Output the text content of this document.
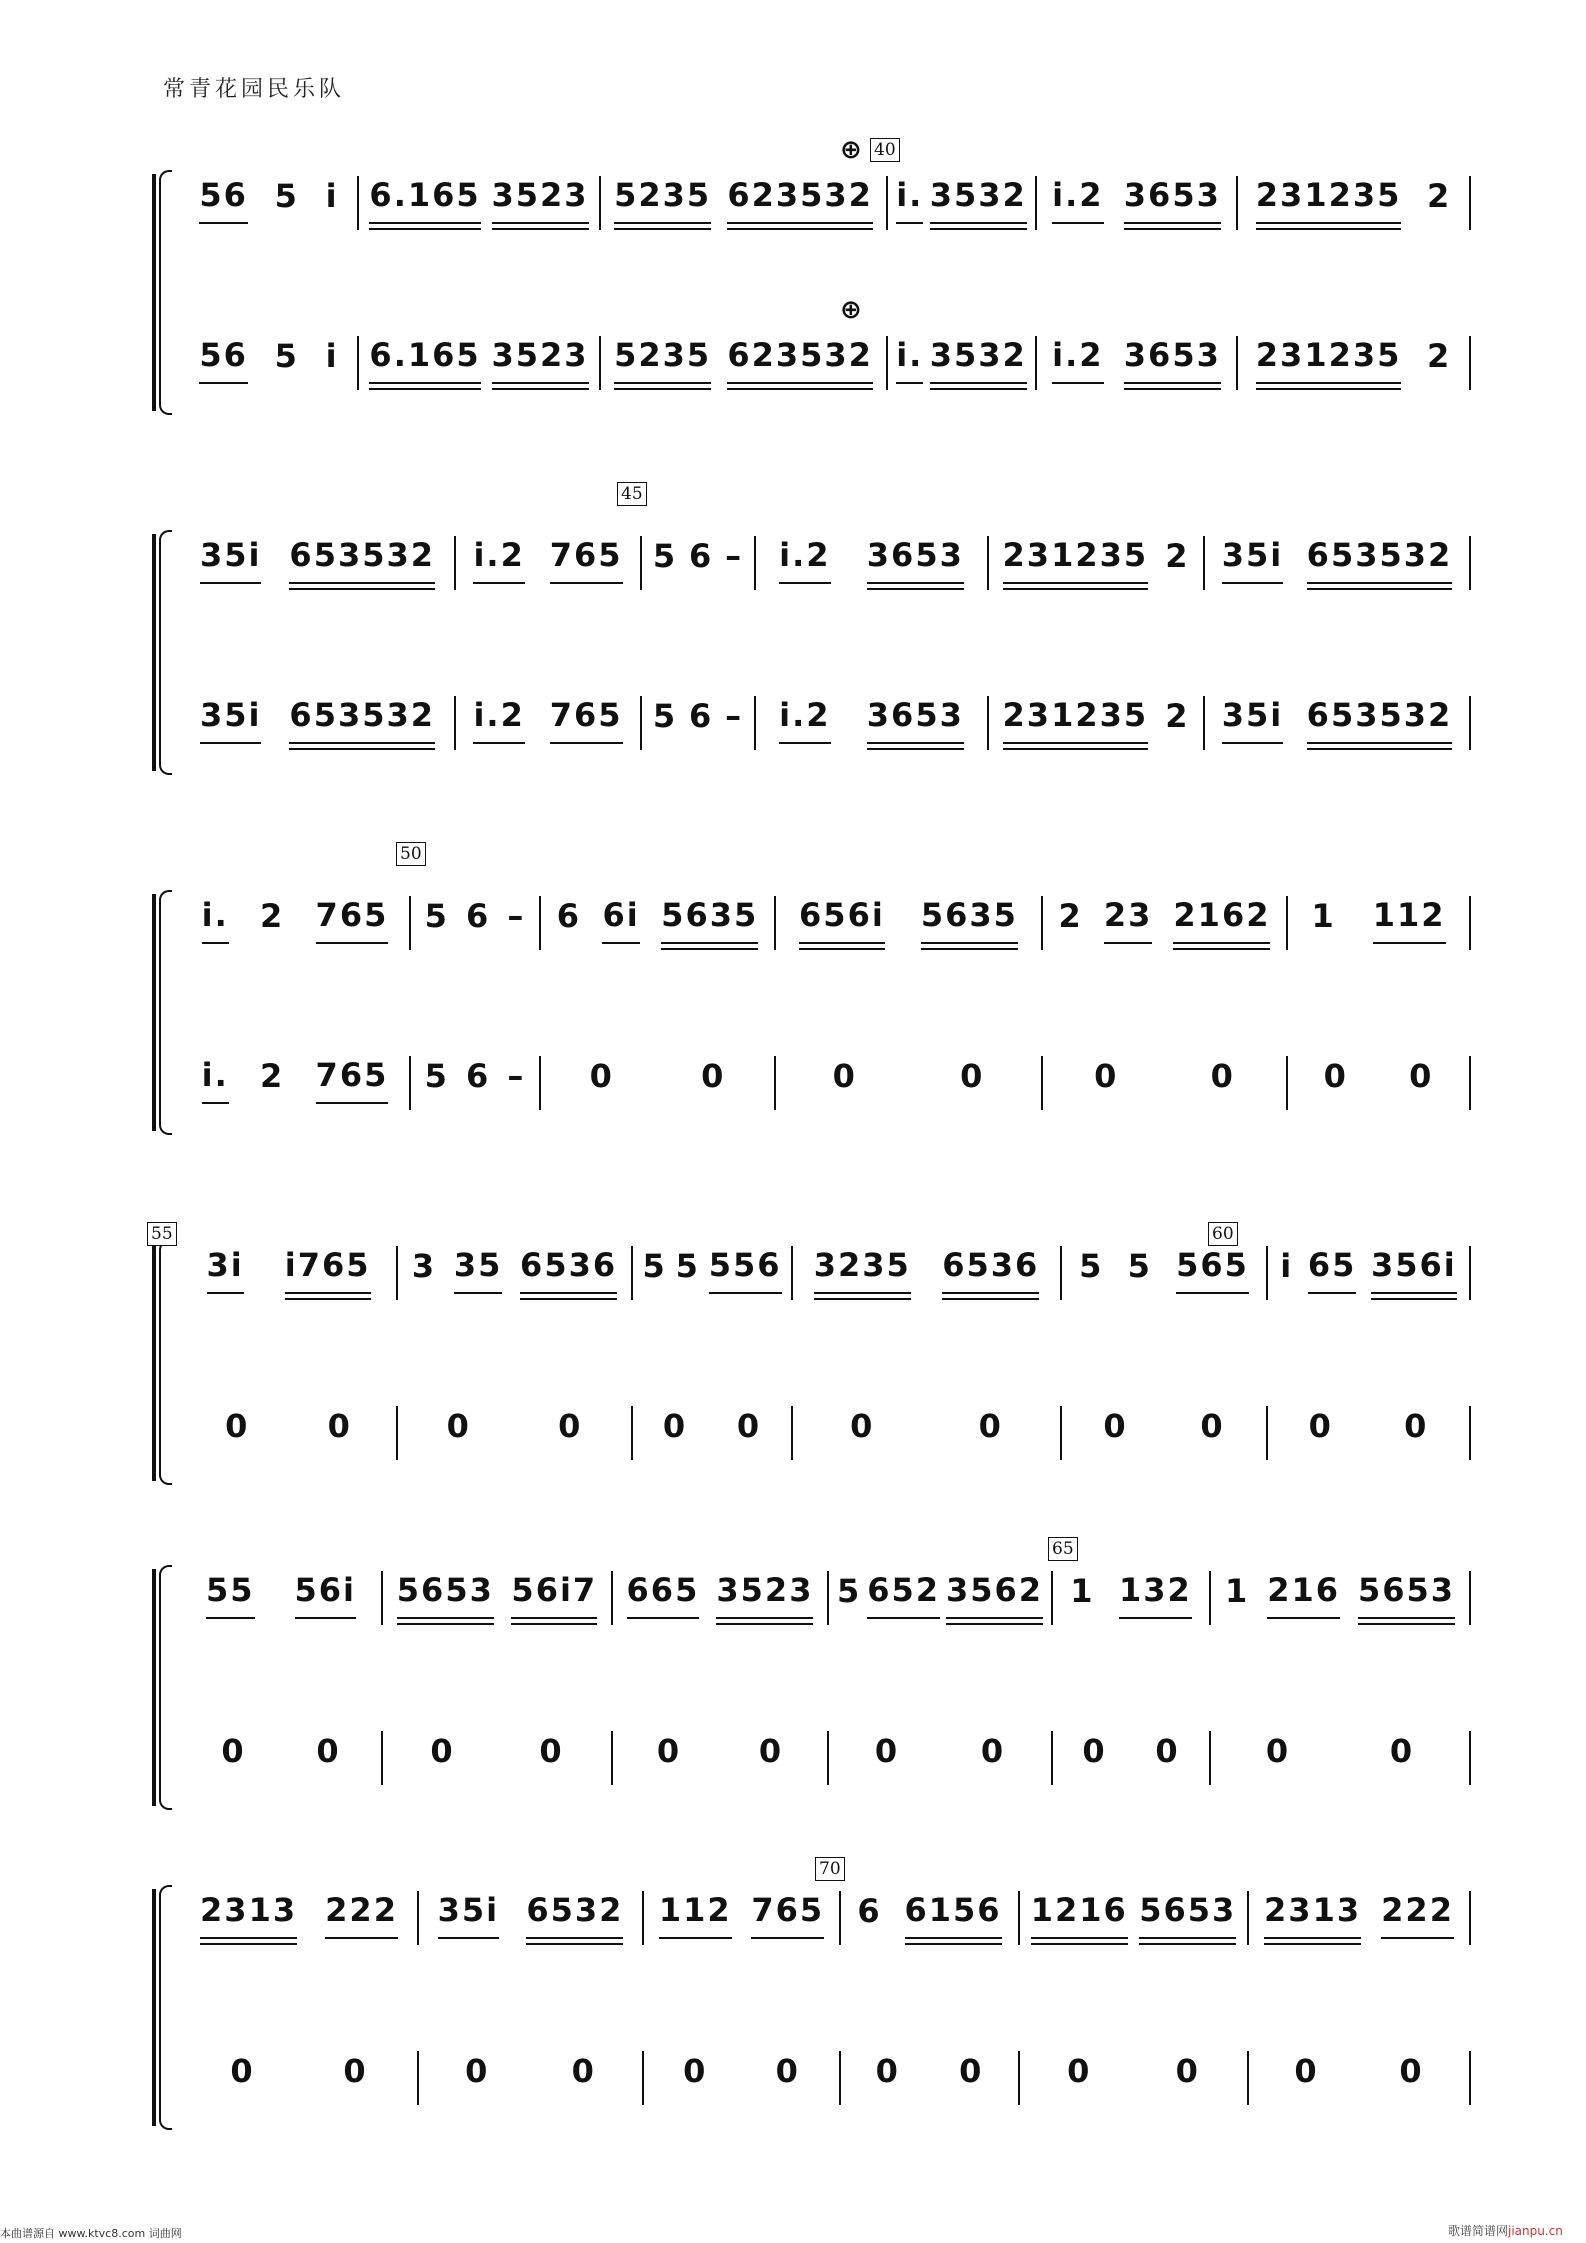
常青花园民乐队
56 5 i 6.165 3523 5235 623532 i. 3532 i.2 3653 231235 2
56 5 i 6.165 3523 5235 623532 i. 3532 i.2 3653 231235 2
40
⊕
⊕
35i 653532 i.2 765 5 6 – i.2 3653 231235 2 35i 653532
35i 653532 i.2 765 5 6 – i.2 3653 231235 2 35i 653532
45
i. 2 765 5 6 – 6 6i 5635 656i 5635 2 23 2162 1 112
i. 2 765 5 6 – 0	0	0	0	0	0	0 0
50
3i i765 3 35 6536 5 5 556 3235 6536 5 5 565 i 65 356i
0 0	0	0	0 0	0	0	0 0	0 0
55	60
55 56i 5653 56i7 665 3523 5 652 3562 1 132 1 216 5653
0 0	0	0	0 0	0	0 0 0	0	0
65
2313 222 35i 6532 112 765 6 6156 1216 5653 2313 222
0	0	0	0	0 0 0 0	0	0	0	0
70
本曲谱源自 www.ktvc8.com 词曲网	歌谱简谱网jianpu.cn
